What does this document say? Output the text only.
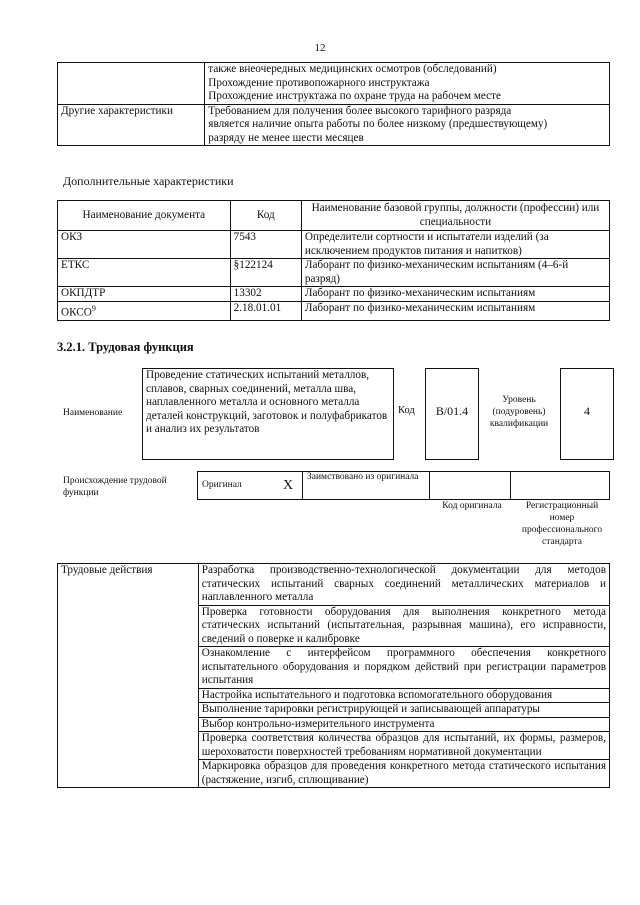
12

	также внеочередных медицинских осмотров (обследований)
Прохождение противопожарного инструктажа
Прохождение инструктажа по охране труда на рабочем месте

Другие характеристики	Требованием для получения более высокого тарифного разряда
является наличие опыта работы по более низкому (предшествующему)
разряду не менее шести месяцев
Дополнительные характеристики
Наименование документа	Код	Наименование базовой группы, должности (профессии) или специальности
ОКЗ	7543	Определители сортности и испытатели изделий (за исключением продуктов питания и напитков)
ЕТКС	§122124	Лаборант по физико-механическим испытаниям (4–6-й разряд)
ОКПДТР	13302	Лаборант по физико-механическим испытаниям
ОКСО$^9$	2.18.01.01	Лаборант по физико-механическим испытаниям
3.2.1. Трудовая функция
Наименование
Проведение статических испытаний металлов, сплавов, сварных соединений, металла шва, наплавленного металла и основного металла деталей конструкций, заготовок и полуфабрикатов и анализ их результатов
Код	B/01.4
Уровень (подуровень) квалификации
4
Происхождение трудовой функции
Оригинал	X	Заимствовано из оригинала		
Код оригинала	Регистрационный номер профессионального стандарта
Трудовые действия	Разработка производственно-технологической документации для методов статических испытаний сварных соединений металлических материалов и наплавленного металла
Проверка готовности оборудования для выполнения конкретного метода статических испытаний (испытательная, разрывная машина), его исправности, сведений о поверке и калибровке
Ознакомление с интерфейсом программного обеспечения конкретного испытательного оборудования и порядком действий при регистрации параметров испытания
Настройка испытательного и подготовка вспомогательного оборудования
Выполнение тарировки регистрирующей и записывающей аппаратуры
Выбор контрольно-измерительного инструмента
Проверка соответствия количества образцов для испытаний, их формы, размеров, шероховатости поверхностей требованиям нормативной документации
Маркировка образцов для проведения конкретного метода статического испытания (растяжение, изгиб, сплющивание)
